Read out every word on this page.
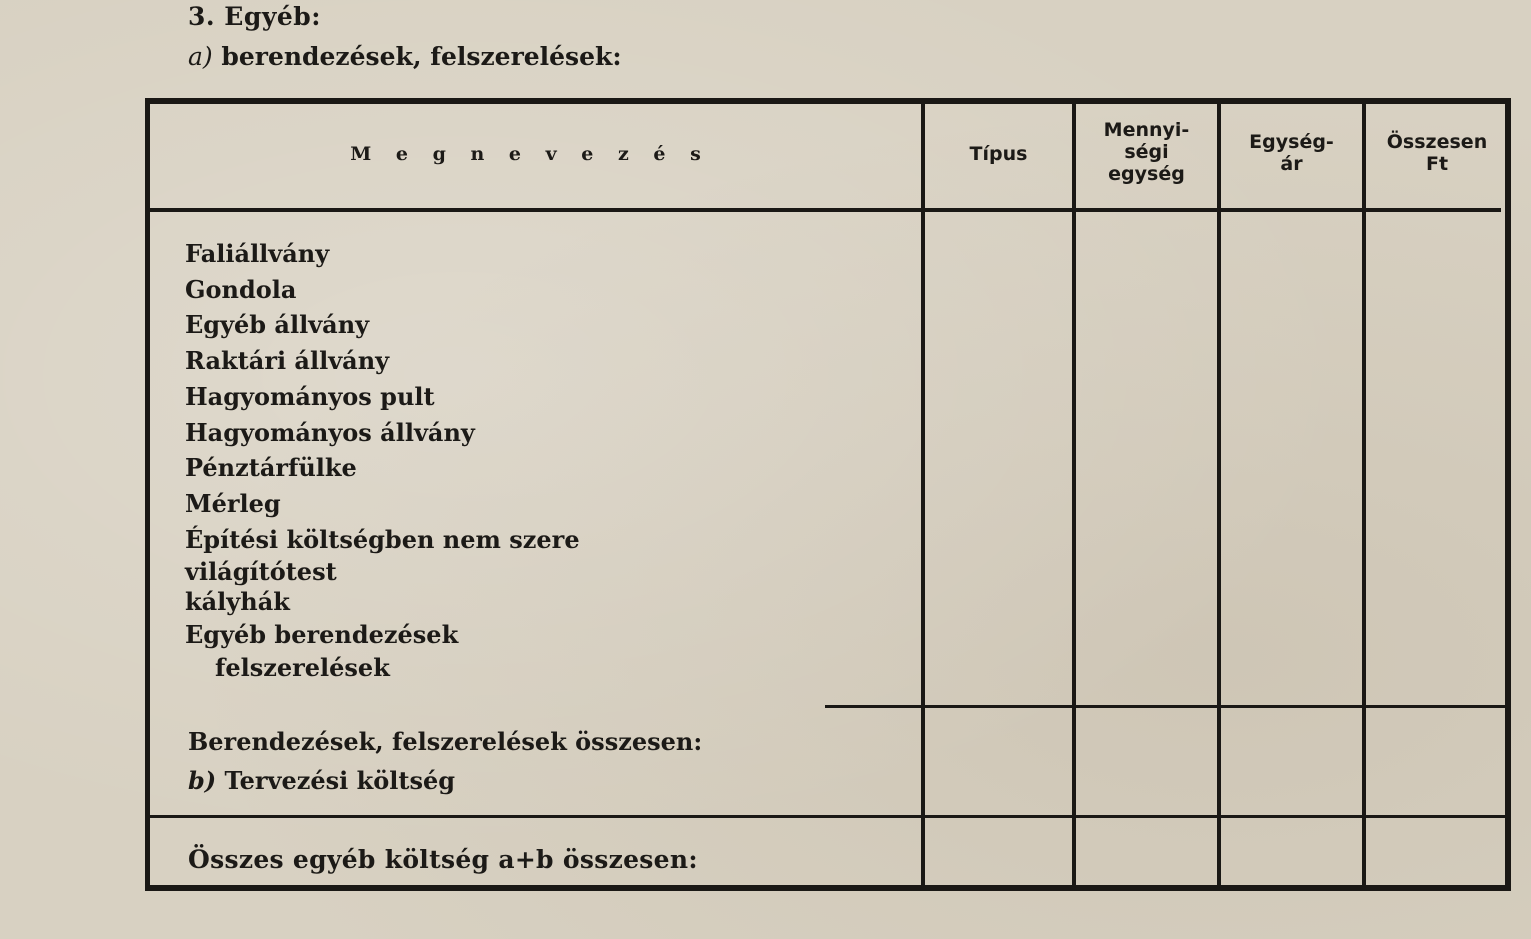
3. Egyéb:
a) berendezések, felszerelések:
M e g n e v e z é s	Típus
Mennyi-
ségi
egység
Egység-
ár
Összesen
Ft
Faliállvány
Gondola
Egyéb állvány
Raktári állvány
Hagyományos pult
Hagyományos állvány
Pénztárfülke
Mérleg
Építési költségben nem szere
világítótest
kályhák
Egyéb berendezések
felszerelések
Berendezések, felszerelések összesen:
b) Tervezési költség
Összes egyéb költség a+b összesen:
